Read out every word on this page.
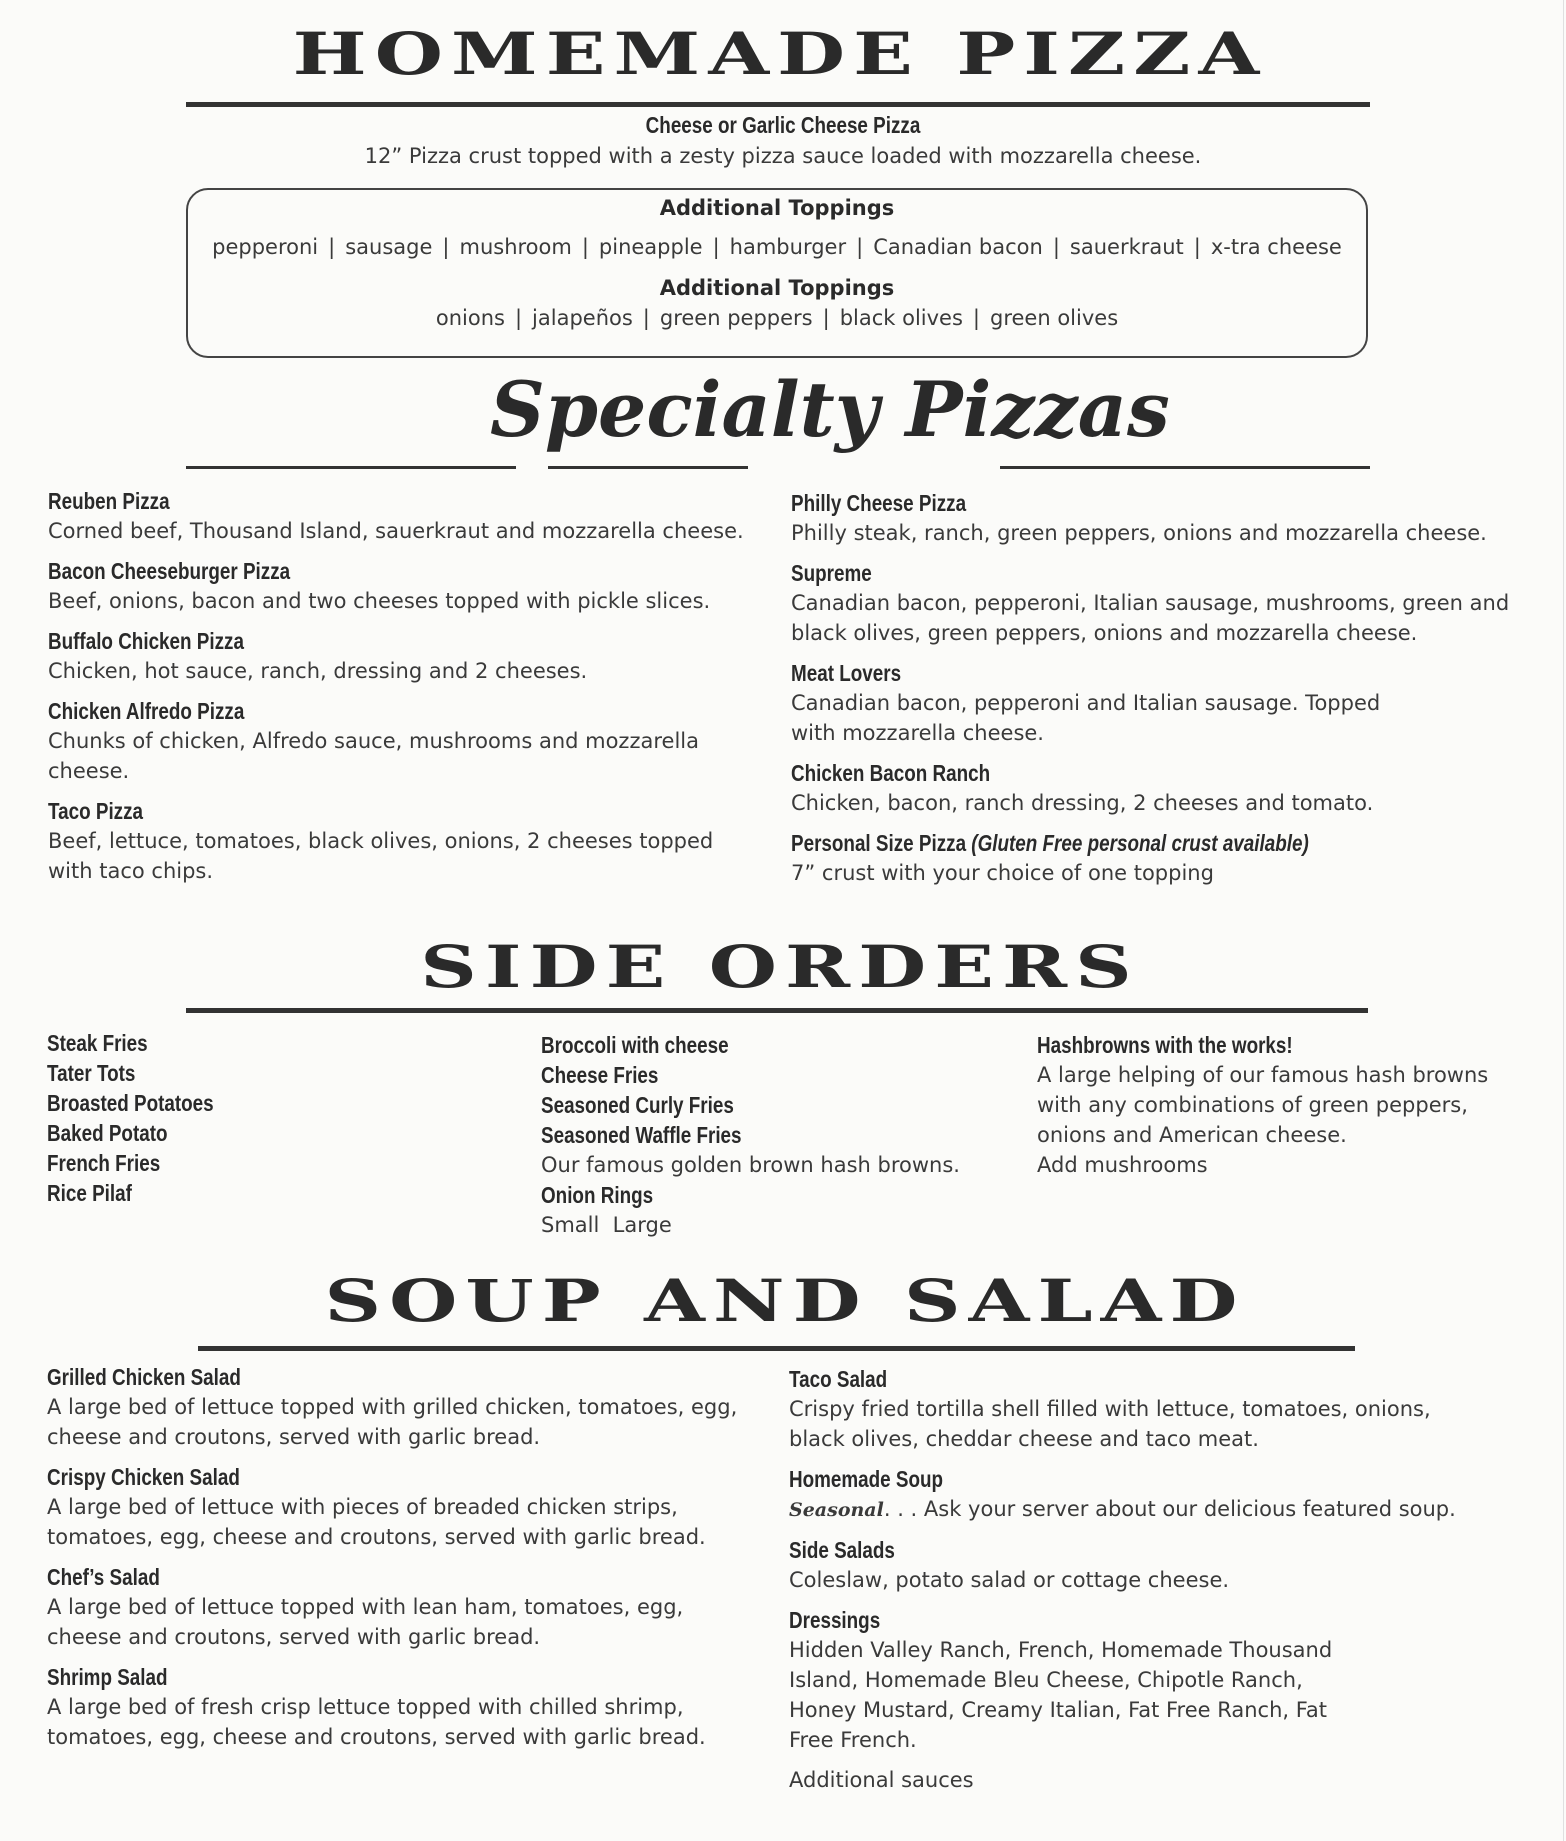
HOMEMADE PIZZA
Cheese or Garlic Cheese Pizza
12” Pizza crust topped with a zesty pizza sauce loaded with mozzarella cheese.
Additional Toppings
pepperoni | sausage | mushroom | pineapple | hamburger | Canadian bacon | sauerkraut | x-tra cheese
Additional Toppings
onions | jalapeños | green peppers | black olives | green olives
Specialty Pizzas
Reuben Pizza
Corned beef, Thousand Island, sauerkraut and mozzarella cheese.
Bacon Cheeseburger Pizza
Beef, onions, bacon and two cheeses topped with pickle slices.
Buffalo Chicken Pizza
Chicken, hot sauce, ranch, dressing and 2 cheeses.
Chicken Alfredo Pizza
Chunks of chicken, Alfredo sauce, mushrooms and mozzarella cheese.
Taco Pizza
Beef, lettuce, tomatoes, black olives, onions, 2 cheeses topped with taco chips.
Philly Cheese Pizza
Philly steak, ranch, green peppers, onions and mozzarella cheese.
Supreme
Canadian bacon, pepperoni, Italian sausage, mushrooms, green and black olives, green peppers, onions and mozzarella cheese.
Meat Lovers
Canadian bacon, pepperoni and Italian sausage. Topped with mozzarella cheese.
Chicken Bacon Ranch
Chicken, bacon, ranch dressing, 2 cheeses and tomato.
Personal Size Pizza (Gluten Free personal crust available)
7” crust with your choice of one topping
SIDE ORDERS
Steak Fries
Tater Tots
Broasted Potatoes
Baked Potato
French Fries
Rice Pilaf
Broccoli with cheese
Cheese Fries
Seasoned Curly Fries
Seasoned Waffle Fries
Our famous golden brown hash browns.
Onion Rings
Small  Large
Hashbrowns with the works!
A large helping of our famous hash browns with any combinations of green peppers, onions and American cheese.
Add mushrooms
SOUP AND SALAD
Grilled Chicken Salad
A large bed of lettuce topped with grilled chicken, tomatoes, egg, cheese and croutons, served with garlic bread.
Crispy Chicken Salad
A large bed of lettuce with pieces of breaded chicken strips, tomatoes, egg, cheese and croutons, served with garlic bread.
Chef’s Salad
A large bed of lettuce topped with lean ham, tomatoes, egg, cheese and croutons, served with garlic bread.
Shrimp Salad
A large bed of fresh crisp lettuce topped with chilled shrimp, tomatoes, egg, cheese and croutons, served with garlic bread.
Taco Salad
Crispy fried tortilla shell filled with lettuce, tomatoes, onions, black olives, cheddar cheese and taco meat.
Homemade Soup
Seasonal. . . Ask your server about our delicious featured soup.
Side Salads
Coleslaw, potato salad or cottage cheese.
Dressings
Hidden Valley Ranch, French, Homemade Thousand Island, Homemade Bleu Cheese, Chipotle Ranch, Honey Mustard, Creamy Italian, Fat Free Ranch, Fat Free French.
Additional sauces
